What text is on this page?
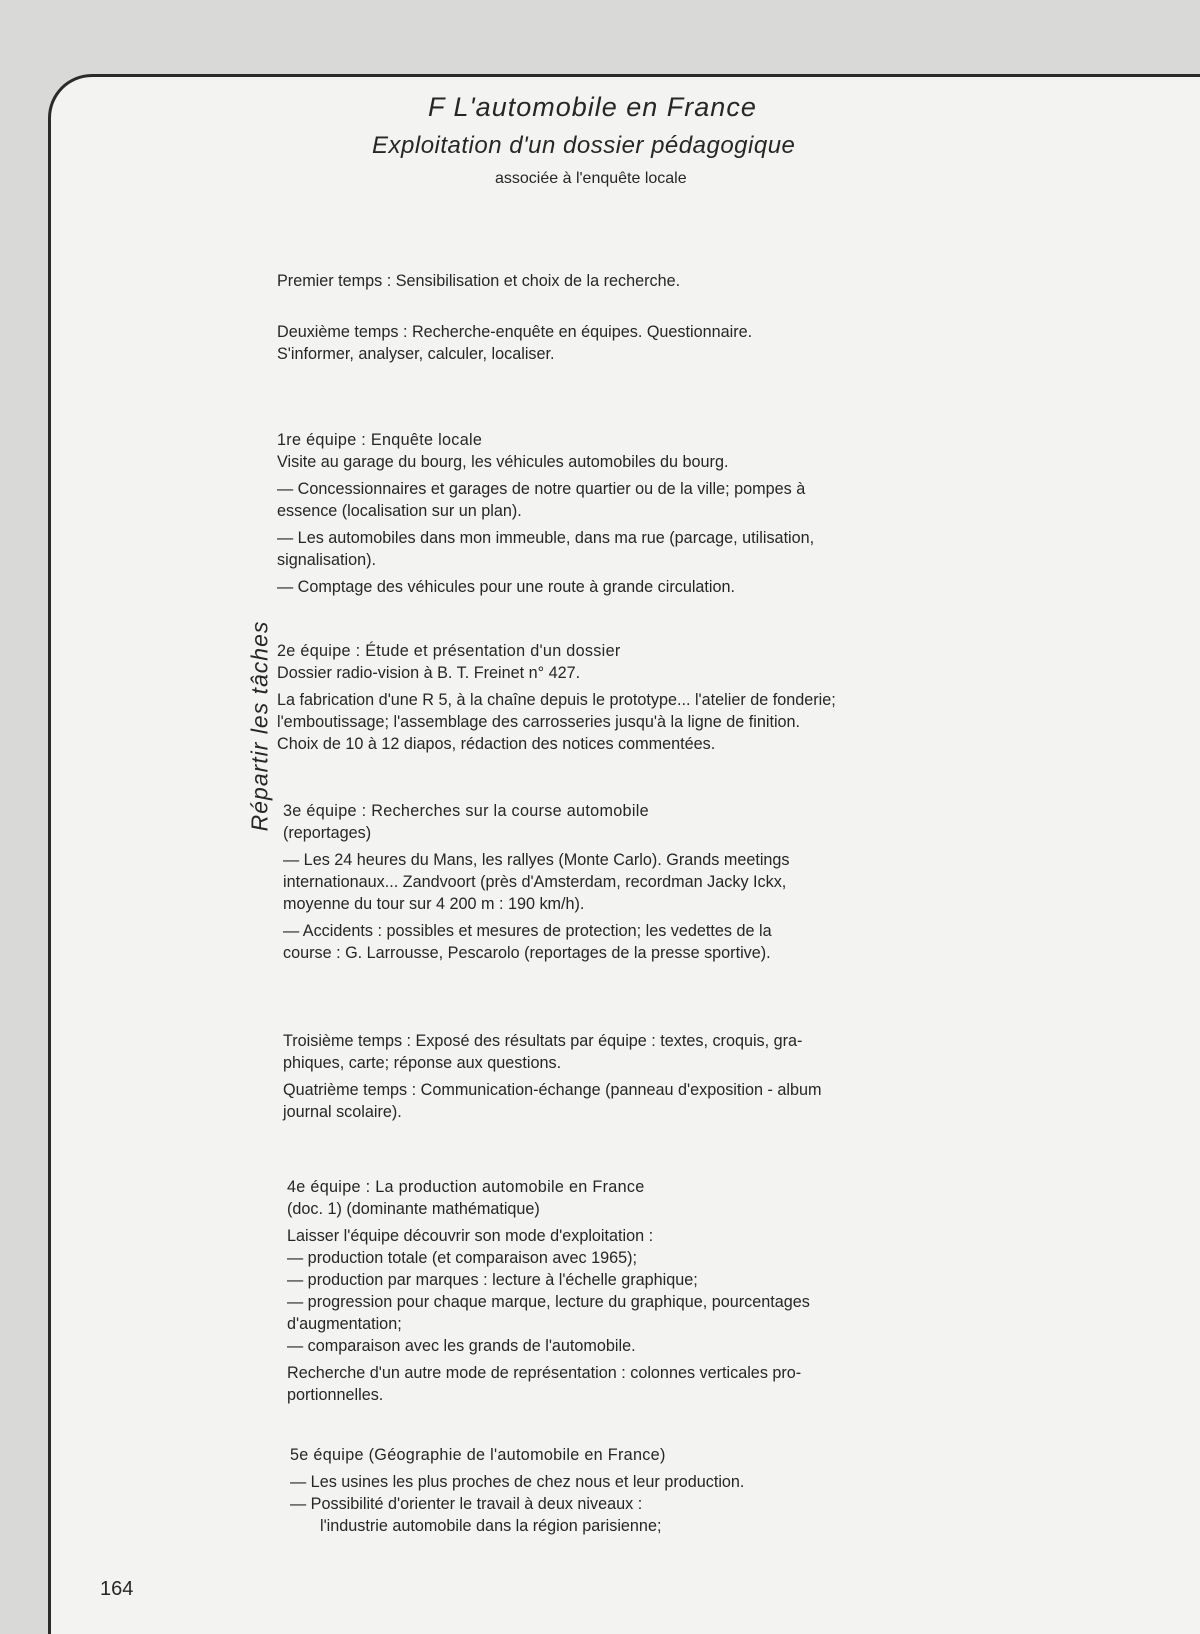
F L'automobile en France
Exploitation d'un dossier pédagogique

associée à l'enquête locale

Répartir les tâches

Premier temps : Sensibilisation et choix de la recherche.

Deuxième temps : Recherche-enquête en équipes. Questionnaire.

S'informer, analyser, calculer, localiser.

1re équipe : Enquête locale

Visite au garage du bourg, les véhicules automobiles du bourg.

— Concessionnaires et garages de notre quartier ou de la ville; pompes à

essence (localisation sur un plan).

— Les automobiles dans mon immeuble, dans ma rue (parcage, utilisation,

signalisation).

— Comptage des véhicules pour une route à grande circulation.

2e équipe : Étude et présentation d'un dossier

Dossier radio-vision à B. T. Freinet n° 427.

La fabrication d'une R 5, à la chaîne depuis le prototype... l'atelier de fonderie;

l'emboutissage; l'assemblage des carrosseries jusqu'à la ligne de finition.

Choix de 10 à 12 diapos, rédaction des notices commentées.

3e équipe : Recherches sur la course automobile

(reportages)

— Les 24 heures du Mans, les rallyes (Monte Carlo). Grands meetings

internationaux... Zandvoort (près d'Amsterdam, recordman Jacky Ickx,

moyenne du tour sur 4 200 m : 190 km/h).

— Accidents : possibles et mesures de protection; les vedettes de la

course : G. Larrousse, Pescarolo (reportages de la presse sportive).

Troisième temps : Exposé des résultats par équipe : textes, croquis, gra-

phiques, carte; réponse aux questions.

Quatrième temps : Communication-échange (panneau d'exposition - album

journal scolaire).

4e équipe : La production automobile en France

(doc. 1) (dominante mathématique)

Laisser l'équipe découvrir son mode d'exploitation :

— production totale (et comparaison avec 1965);

— production par marques : lecture à l'échelle graphique;

— progression pour chaque marque, lecture du graphique, pourcentages

d'augmentation;

— comparaison avec les grands de l'automobile.

Recherche d'un autre mode de représentation : colonnes verticales pro-

portionnelles.

5e équipe (Géographie de l'automobile en France)

— Les usines les plus proches de chez nous et leur production.

— Possibilité d'orienter le travail à deux niveaux :

l'industrie automobile dans la région parisienne;

164
